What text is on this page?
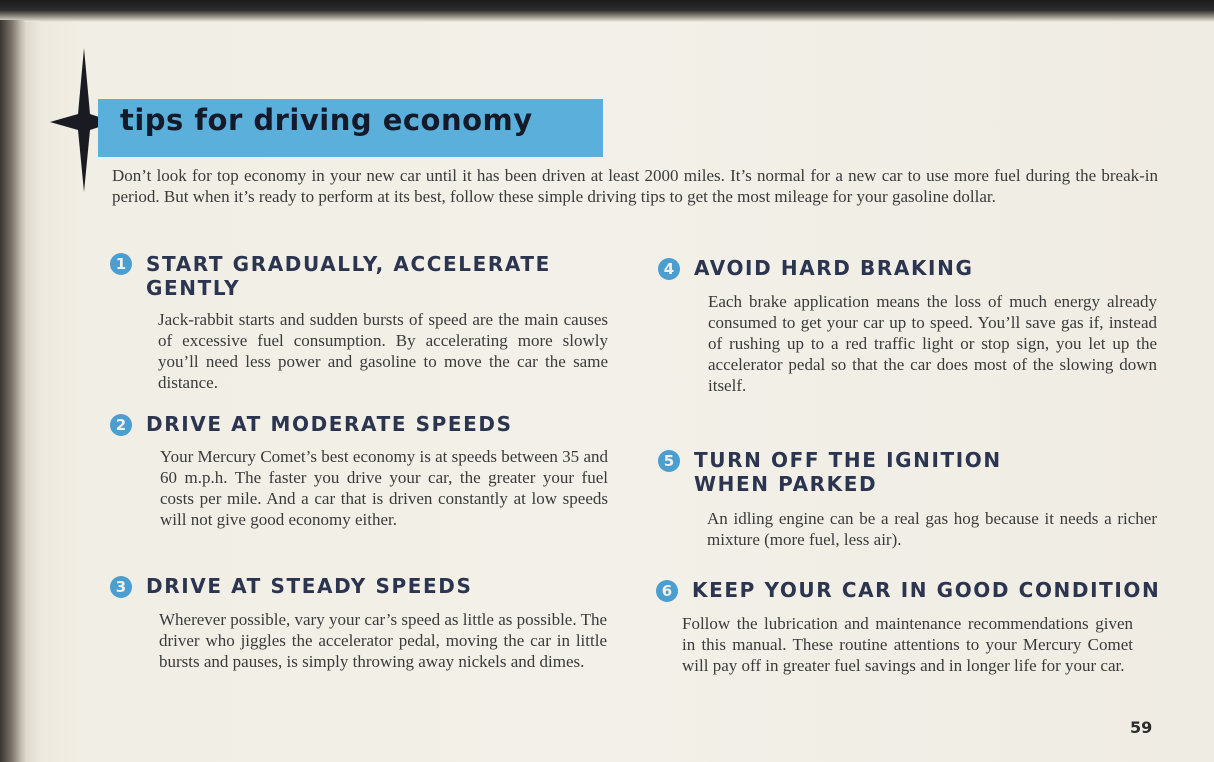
tips for driving economy
Don’t look for top economy in your new car until it has been driven at least 2000 miles. It’s normal for a new car to use more fuel during the break-in period. But when it’s ready to perform at its best, follow these simple driving tips to get the most mileage for your gasoline dollar.
1 START GRADUALLY, ACCELERATE GENTLY
Jack-rabbit starts and sudden bursts of speed are the main causes of excessive fuel consumption. By accelerating more slowly you’ll need less power and gasoline to move the car the same distance.
2 DRIVE AT MODERATE SPEEDS
Your Mercury Comet’s best economy is at speeds between 35 and 60 m.p.h. The faster you drive your car, the greater your fuel costs per mile. And a car that is driven constantly at low speeds will not give good economy either.
3 DRIVE AT STEADY SPEEDS
Wherever possible, vary your car’s speed as little as possible. The driver who jiggles the accelerator pedal, moving the car in little bursts and pauses, is simply throwing away nickels and dimes.
4 AVOID HARD BRAKING
Each brake application means the loss of much energy already consumed to get your car up to speed. You’ll save gas if, instead of rushing up to a red traffic light or stop sign, you let up the accelerator pedal so that the car does most of the slowing down itself.
5 TURN OFF THE IGNITION WHEN PARKED
An idling engine can be a real gas hog because it needs a richer mixture (more fuel, less air).
6 KEEP YOUR CAR IN GOOD CONDITION
Follow the lubrication and maintenance recommendations given in this manual. These routine attentions to your Mercury Comet will pay off in greater fuel savings and in longer life for your car.
59
